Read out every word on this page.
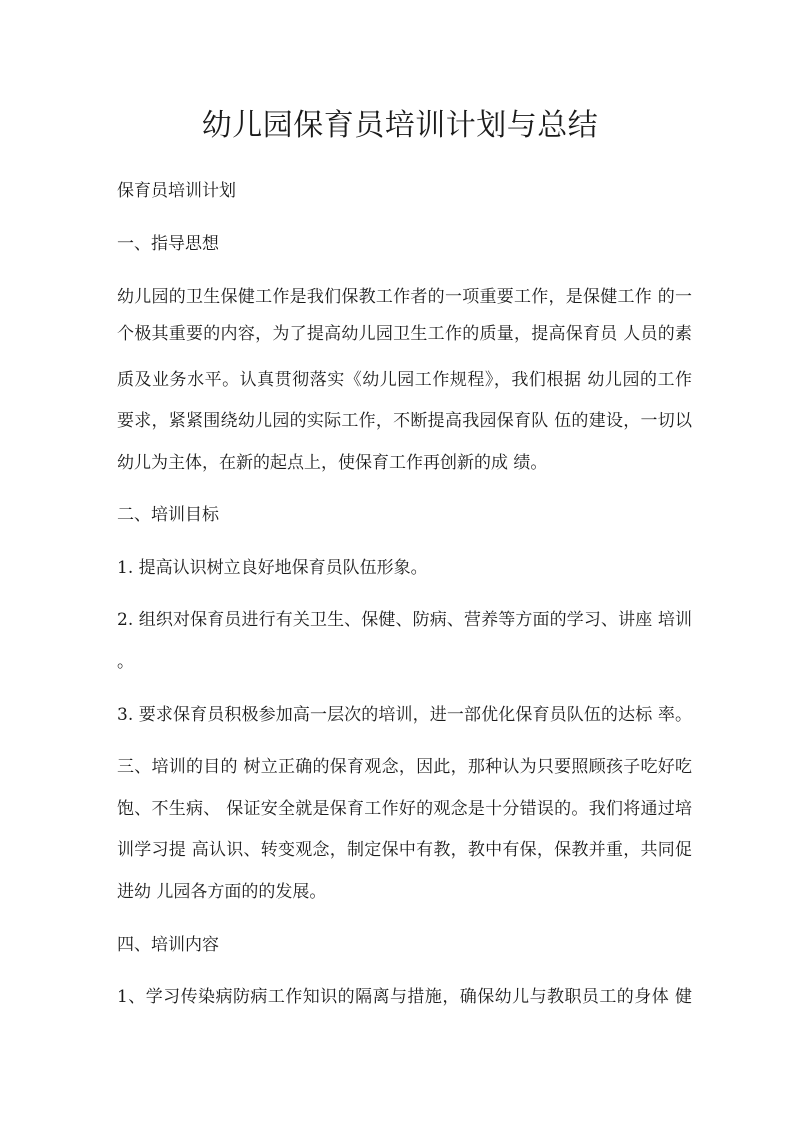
幼儿园保育员培训计划与总结
保育员培训计划
一、指导思想
幼儿园的卫生保健工作是我们保教工作者的一项重要工作，是保健工作 的一
个极其重要的内容，为了提高幼儿园卫生工作的质量，提高保育员 人员的素
质及业务水平。认真贯彻落实《幼儿园工作规程》，我们根据 幼儿园的工作
要求，紧紧围绕幼儿园的实际工作，不断提高我园保育队 伍的建设，一切以
幼儿为主体，在新的起点上，使保育工作再创新的成 绩。
二、培训目标
1. 提高认识树立良好地保育员队伍形象。
2. 组织对保育员进行有关卫生、保健、防病、营养等方面的学习、讲座 培训
。
3. 要求保育员积极参加高一层次的培训，进一部优化保育员队伍的达标 率。
三、培训的目的 树立正确的保育观念，因此，那种认为只要照顾孩子吃好吃
饱、不生病、 保证安全就是保育工作好的观念是十分错误的。我们将通过培
训学习提 高认识、转变观念，制定保中有教，教中有保，保教并重，共同促
进幼 儿园各方面的的发展。
四、培训内容
1、学习传染病防病工作知识的隔离与措施，确保幼儿与教职员工的身体 健
